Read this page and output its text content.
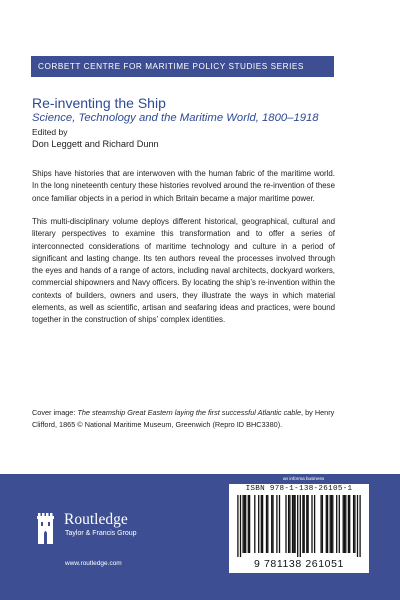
CORBETT CENTRE FOR MARITIME POLICY STUDIES SERIES
Re-inventing the Ship
Science, Technology and the Maritime World, 1800–1918
Edited by
Don Leggett and Richard Dunn

Ships have histories that are interwoven with the human fabric of the maritime world. In the long nineteenth century these histories revolved around the re-invention of these once familiar objects in a period in which Britain became a major maritime power.

This multi-disciplinary volume deploys different historical, geographical, cultural and literary perspectives to examine this transformation and to offer a series of interconnected considerations of maritime technology and culture in a period of significant and lasting change. Its ten authors reveal the processes involved through the eyes and hands of a range of actors, including naval architects, dockyard workers, commercial shipowners and Navy officers. By locating the ship’s re-invention within the contexts of builders, owners and users, they illustrate the ways in which material elements, as well as scientific, artisan and seafaring ideas and practices, were bound together in the construction of ships’ complex identities.

Cover image: The steamship Great Eastern laying the first successful Atlantic cable, by Henry Clifford, 1865 © National Maritime Museum, Greenwich (Repro ID BHC3380).

an informa business
Routledge
Taylor & Francis Group
www.routledge.com
ISBN 978-1-138-26105-1
9 781138 261051
